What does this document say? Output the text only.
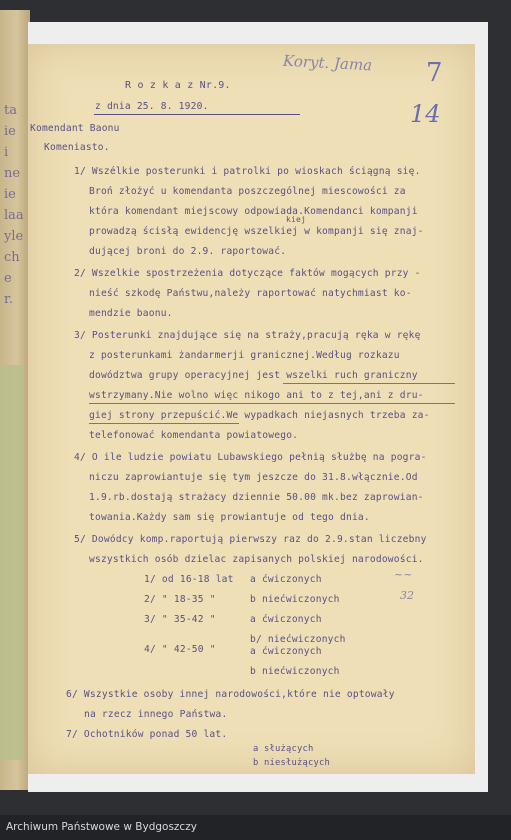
ta
ie
i
ne
ie
laa
yle
ch
e
r.
Koryt. Jama 7
14
R o z k a z Nr.9.
z dnia 25. 8. 1920.
Komendant Baonu
Komeniasto.
1/ Wszélkie posterunki i patrolki po wioskach ściągną się.
Broń złożyć u komendanta poszczególnej miescowości za
która komendant miejscowy odpowiada.Komendanci kompanji
kiej
prowadzą ścisłą ewidencję wszelkiej w kompanji się znaj-
dującej broni do 2.9. raportować.
2/ Wszelkie spostrzeżenia dotyczące faktów mogących przy -
nieść szkodę Państwu,należy raportować natychmiast ko-
mendzie baonu.
3/ Posterunki znajdujące się na straży,pracują ręka w rękę
z posterunkami żandarmerji granicznej.Według rozkazu
dowództwa grupy operacyjnej jest wszelki ruch graniczny
wstrzymany.Nie wolno więc nikogo ani to z tej,ani z dru-
giej strony przepuścić.We wypadkach niejasnych trzeba za-
telefonować komendanta powiatowego.
4/ O ile ludzie powiatu Lubawskiego pełnią służbę na pogra-
niczu zaprowiantuje się tym jeszcze do 31.8.włącznie.Od
1.9.rb.dostają strażacy dziennie 50.00 mk.bez zaprowian-
towania.Każdy sam się prowiantuje od tego dnia.
5/ Dowódcy komp.raportują pierwszy raz do 2.9.stan liczebny
wszystkich osób dzielac zapisanych polskiej narodowości.
1/ od 16-18 lat a ćwiczonych	~~
2/ " 18-35 "	b niećwiczonych	32
3/ " 35-42 "	a ćwiczonych
b/ niećwiczonych
4/ " 42-50 "	a ćwiczonych
b niećwiczonych
6/ Wszystkie osoby innej narodowości,które nie optowały
na rzecz innego Państwa.
7/ Ochotników ponad 50 lat.
a służących
b niesłużących
Archiwum Państwowe w Bydgoszczy
